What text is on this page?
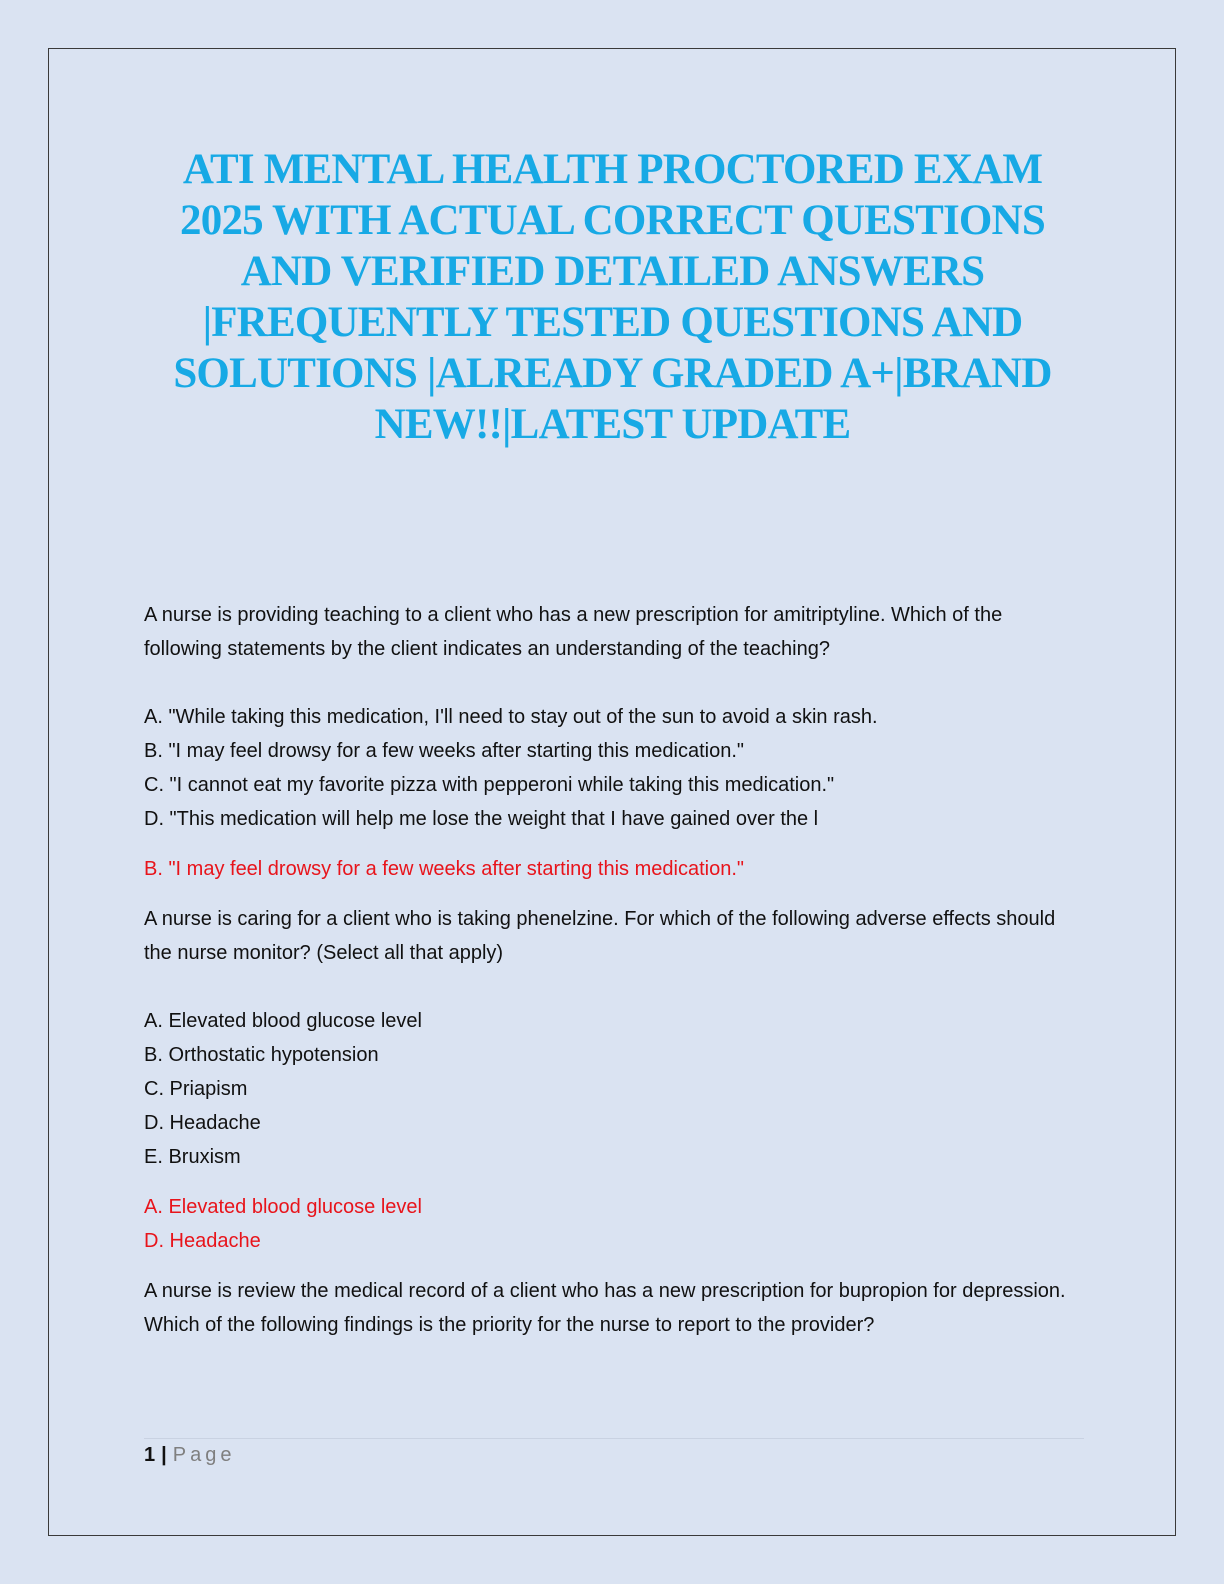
ATI MENTAL HEALTH PROCTORED EXAM 2025 WITH ACTUAL CORRECT QUESTIONS AND VERIFIED DETAILED ANSWERS |FREQUENTLY TESTED QUESTIONS AND SOLUTIONS |ALREADY GRADED A+|BRAND NEW!!|LATEST UPDATE

A nurse is providing teaching to a client who has a new prescription for amitriptyline. Which of the following statements by the client indicates an understanding of the teaching?

A. "While taking this medication, I'll need to stay out of the sun to avoid a skin rash.

B. "I may feel drowsy for a few weeks after starting this medication."

C. "I cannot eat my favorite pizza with pepperoni while taking this medication."

D. "This medication will help me lose the weight that I have gained over the l

B. "I may feel drowsy for a few weeks after starting this medication."

A nurse is caring for a client who is taking phenelzine. For which of the following adverse effects should the nurse monitor? (Select all that apply)

A. Elevated blood glucose level

B. Orthostatic hypotension

C. Priapism

D. Headache

E. Bruxism

A. Elevated blood glucose level

D. Headache

A nurse is review the medical record of a client who has a new prescription for bupropion for depression. Which of the following findings is the priority for the nurse to report to the provider?

1 | Page
